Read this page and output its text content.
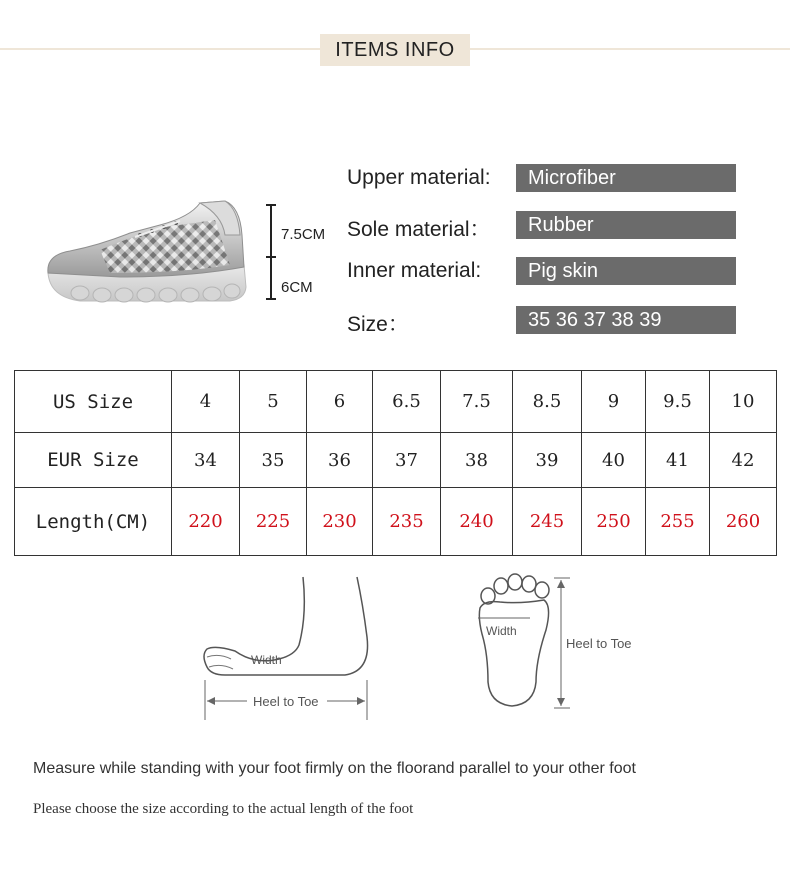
ITEMS INFO
7.5CM
6CM
Upper material:	Microfiber
Sole material：	Rubber
Inner material:	Pig skin
Size：	35 36 37 38 39
US Size	4	5	6	6.5	7.5	8.5	9	9.5	10
EUR Size	34	35	36	37	38	39	40	41	42
Length(CM)	220	225	230	235	240	245	250	255	260
Heel to Toe
Width
Width
Heel to Toe
Measure while standing with your foot firmly on the floorand parallel to your other foot
Please choose the size according to the actual length of the foot
